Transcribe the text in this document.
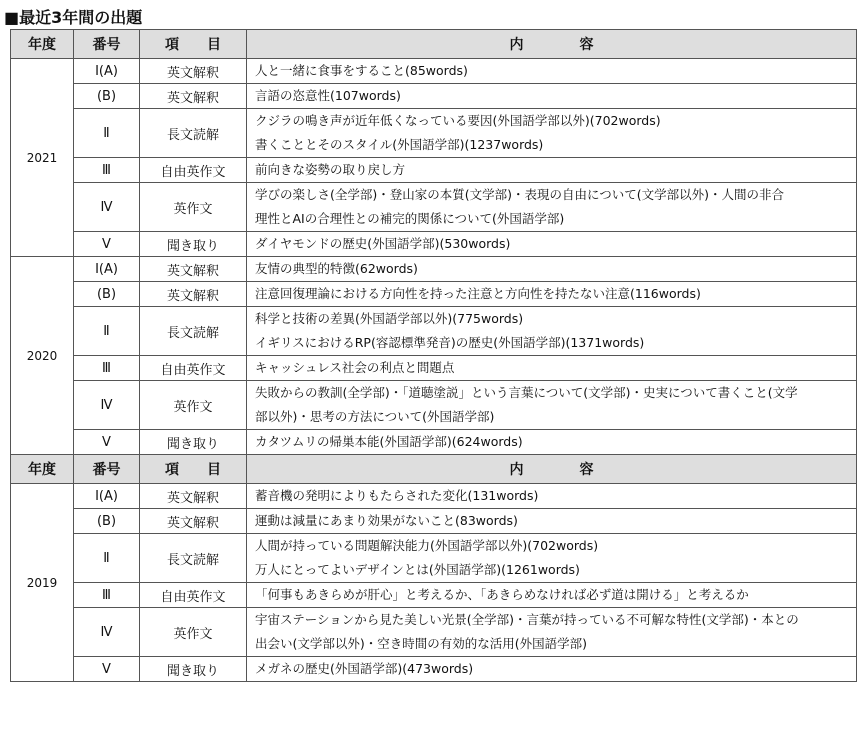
■最近3年間の出題
年度	番号	項　　目	内　　　　容
2021	Ⅰ(A)	英文解釈	人と一緒に食事をすること(85words)

	(B)	英文解釈	言語の恣意性(107words)

	Ⅱ	長文読解	クジラの鳴き声が近年低くなっている要因(外国語学部以外)(702words)
書くこととそのスタイル(外国語学部)(1237words)

	Ⅲ	自由英作文	前向きな姿勢の取り戻し方

	Ⅳ	英作文	学びの楽しさ(全学部)・登山家の本質(文学部)・表現の自由について(文学部以外)・人間の非合
理性とAIの合理性との補完的関係について(外国語学部)

	Ⅴ	聞き取り	ダイヤモンドの歴史(外国語学部)(530words)

2020	Ⅰ(A)	英文解釈	友情の典型的特徴(62words)

	(B)	英文解釈	注意回復理論における方向性を持った注意と方向性を持たない注意(116words)

	Ⅱ	長文読解	科学と技術の差異(外国語学部以外)(775words)
イギリスにおけるRP(容認標準発音)の歴史(外国語学部)(1371words)

	Ⅲ	自由英作文	キャッシュレス社会の利点と問題点

	Ⅳ	英作文	失敗からの教訓(全学部)・「道聴塗説」という言葉について(文学部)・史実について書くこと(文学
部以外)・思考の方法について(外国語学部)

	Ⅴ	聞き取り	カタツムリの帰巣本能(外国語学部)(624words)

年度	番号	項　　目	内　　　　容
2019	Ⅰ(A)	英文解釈	蓄音機の発明によりもたらされた変化(131words)

	(B)	英文解釈	運動は減量にあまり効果がないこと(83words)

	Ⅱ	長文読解	人間が持っている問題解決能力(外国語学部以外)(702words)
万人にとってよいデザインとは(外国語学部)(1261words)

	Ⅲ	自由英作文	「何事もあきらめが肝心」と考えるか、「あきらめなければ必ず道は開ける」と考えるか

	Ⅳ	英作文	宇宙ステーションから見た美しい光景(全学部)・言葉が持っている不可解な特性(文学部)・本との
出会い(文学部以外)・空き時間の有効的な活用(外国語学部)

	Ⅴ	聞き取り	メガネの歴史(外国語学部)(473words)
